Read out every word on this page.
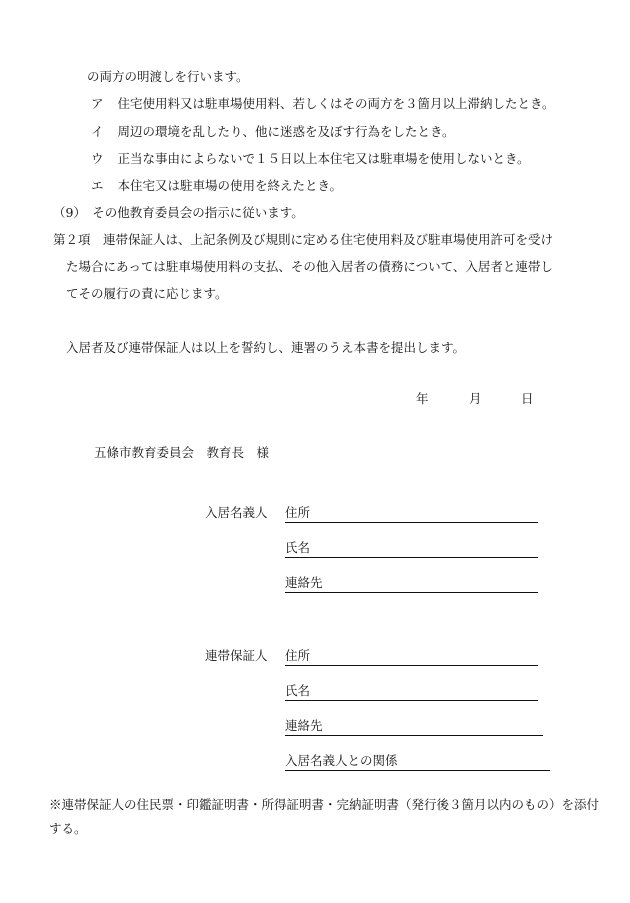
の両方の明渡しを行います。
ア 住宅使用料又は駐車場使用料、若しくはその両方を３箇月以上滞納したとき。
イ 周辺の環境を乱したり、他に迷惑を及ぼす行為をしたとき。
ウ 正当な事由によらないで１５日以上本住宅又は駐車場を使用しないとき。
エ 本住宅又は駐車場の使用を終えたとき。
（9）　その他教育委員会の指示に従います。
第２項　連帯保証人は、上記条例及び規則に定める住宅使用料及び駐車場使用許可を受け
た場合にあっては駐車場使用料の支払、その他入居者の債務について、入居者と連帯し
てその履行の責に応じます。
入居者及び連帯保証人は以上を誓約し、連署のうえ本書を提出します。
年	月	日
五條市教育委員会　教育長　様
入居名義人 住所
氏名
連絡先
連帯保証人 住所
氏名
連絡先
入居名義人との関係
※連帯保証人の住民票・印鑑証明書・所得証明書・完納証明書（発行後３箇月以内のもの）を添付
する。
